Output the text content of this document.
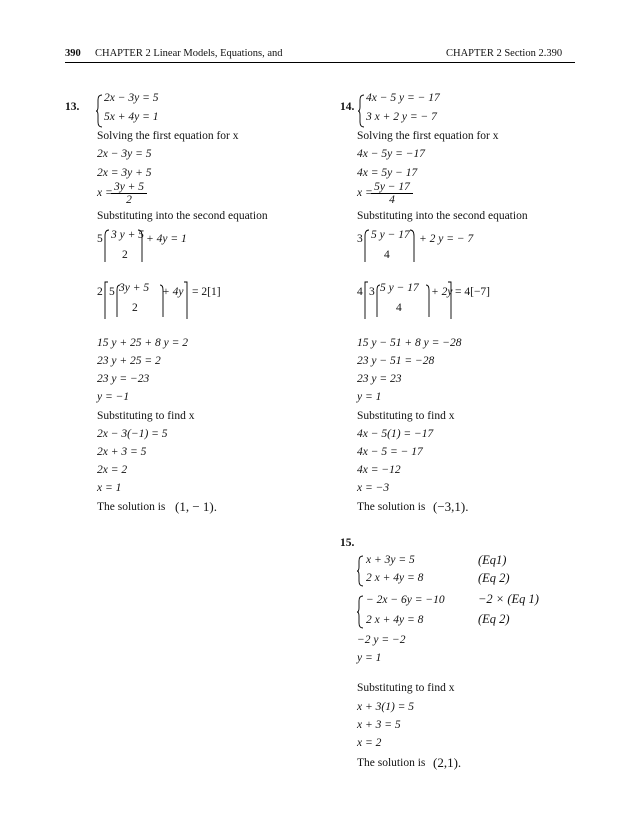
390 CHAPTER 2 Linear Models, Equations, and	CHAPTER 2 Section 2.390
13.
2x − 3y = 5
5x + 4y = 1
Solving the first equation for x
2x − 3y = 5
2x = 3y + 5
x =
$\frac{3y + 5}{2}$
Substituting into the second equation
5 3 y + 5
2
+ 4y = 1
2 5 3y + 5
2
+ 4y = 2[1]
15 y + 25 + 8 y = 2
23 y + 25 = 2
23 y = −23
y = −1
Substituting to find x
2x − 3(−1) = 5
2x + 3 = 5
2x = 2
x = 1
The solution is (1, − 1).
14.
4x − 5 y = − 17
3 x + 2 y = − 7
Solving the first equation for x
4x − 5y = −17
4x = 5y − 17
x =
$\frac{5y - 17}{4}$
Substituting into the second equation
3 5 y − 17
4
+ 2 y = − 7
4 3 5 y − 17
4
+ 2y = 4[−7]
15 y − 51 + 8 y = −28
23 y − 51 = −28
23 y = 23
y = 1
Substituting to find x
4x − 5(1) = −17
4x − 5 = − 17
4x = −12
x = −3
The solution is (−3,1).
15.
x + 3y = 5
2 x + 4y = 8
(Eq1)
(Eq 2)
− 2x − 6y = −10
2 x + 4y = 8
−2 × (Eq 1)
(Eq 2)
−2 y = −2
y = 1
Substituting to find x
x + 3(1) = 5
x + 3 = 5
x = 2
The solution is (2,1).
